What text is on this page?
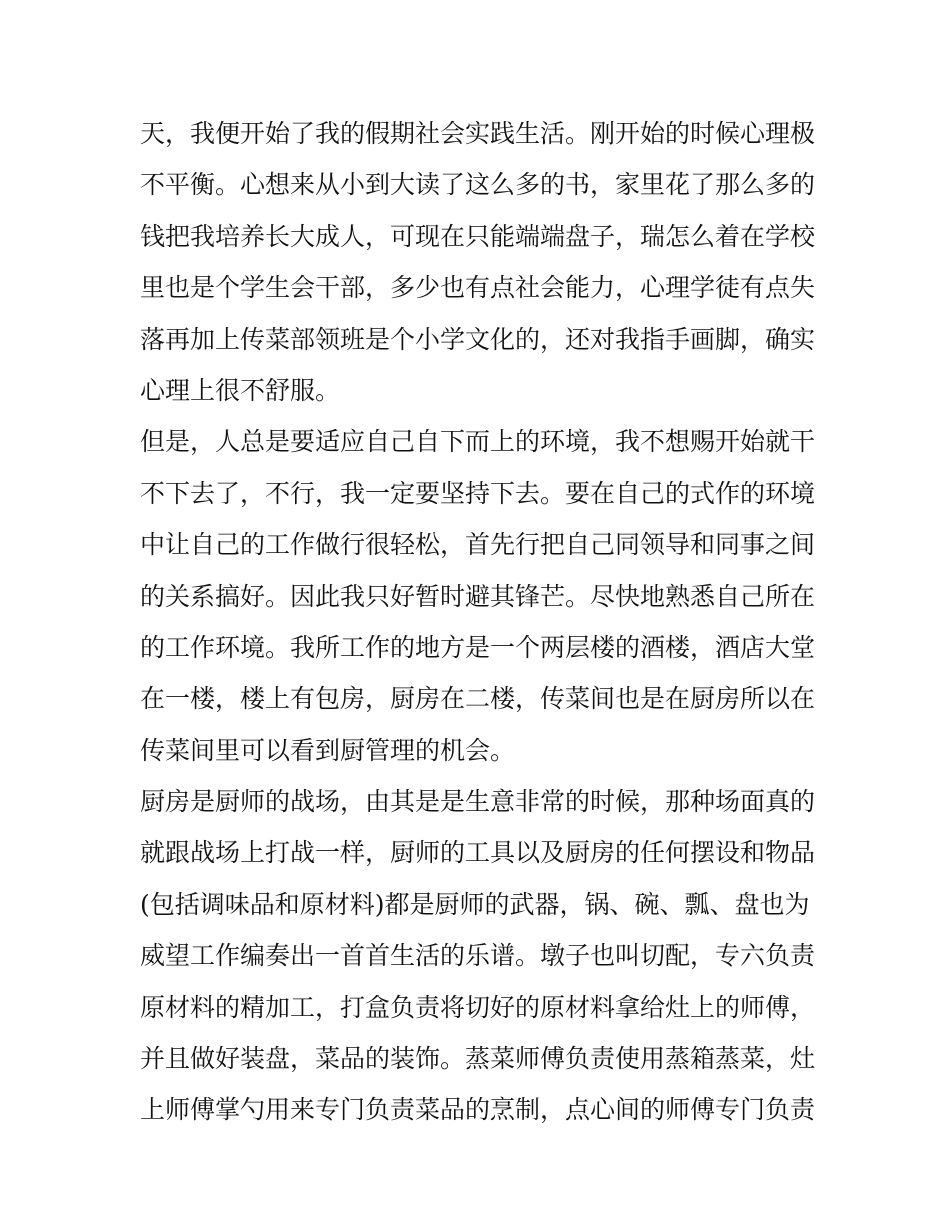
天，我便开始了我的假期社会实践生活。刚开始的时候心理极
不平衡。心想来从小到大读了这么多的书，家里花了那么多的
钱把我培养长大成人，可现在只能端端盘子，瑞怎么着在学校
里也是个学生会干部，多少也有点社会能力，心理学徒有点失
落再加上传菜部领班是个小学文化的，还对我指手画脚，确实
心理上很不舒服。
但是，人总是要适应自己自下而上的环境，我不想赐开始就干
不下去了，不行，我一定要坚持下去。要在自己的式作的环境
中让自己的工作做行很轻松，首先行把自己同领导和同事之间
的关系搞好。因此我只好暂时避其锋芒。尽快地熟悉自己所在
的工作环境。我所工作的地方是一个两层楼的酒楼，酒店大堂
在一楼，楼上有包房，厨房在二楼，传菜间也是在厨房所以在
传菜间里可以看到厨管理的机会。
厨房是厨师的战场，由其是是生意非常的时候，那种场面真的
就跟战场上打战一样，厨师的工具以及厨房的任何摆设和物品
(包括调味品和原材料)都是厨师的武器，锅、碗、瓢、盘也为
威望工作编奏出一首首生活的乐谱。墩子也叫切配，专六负责
原材料的精加工，打盒负责将切好的原材料拿给灶上的师傅，
并且做好装盘，菜品的装饰。蒸菜师傅负责使用蒸箱蒸菜，灶
上师傅掌勺用来专门负责菜品的烹制，点心间的师傅专门负责
